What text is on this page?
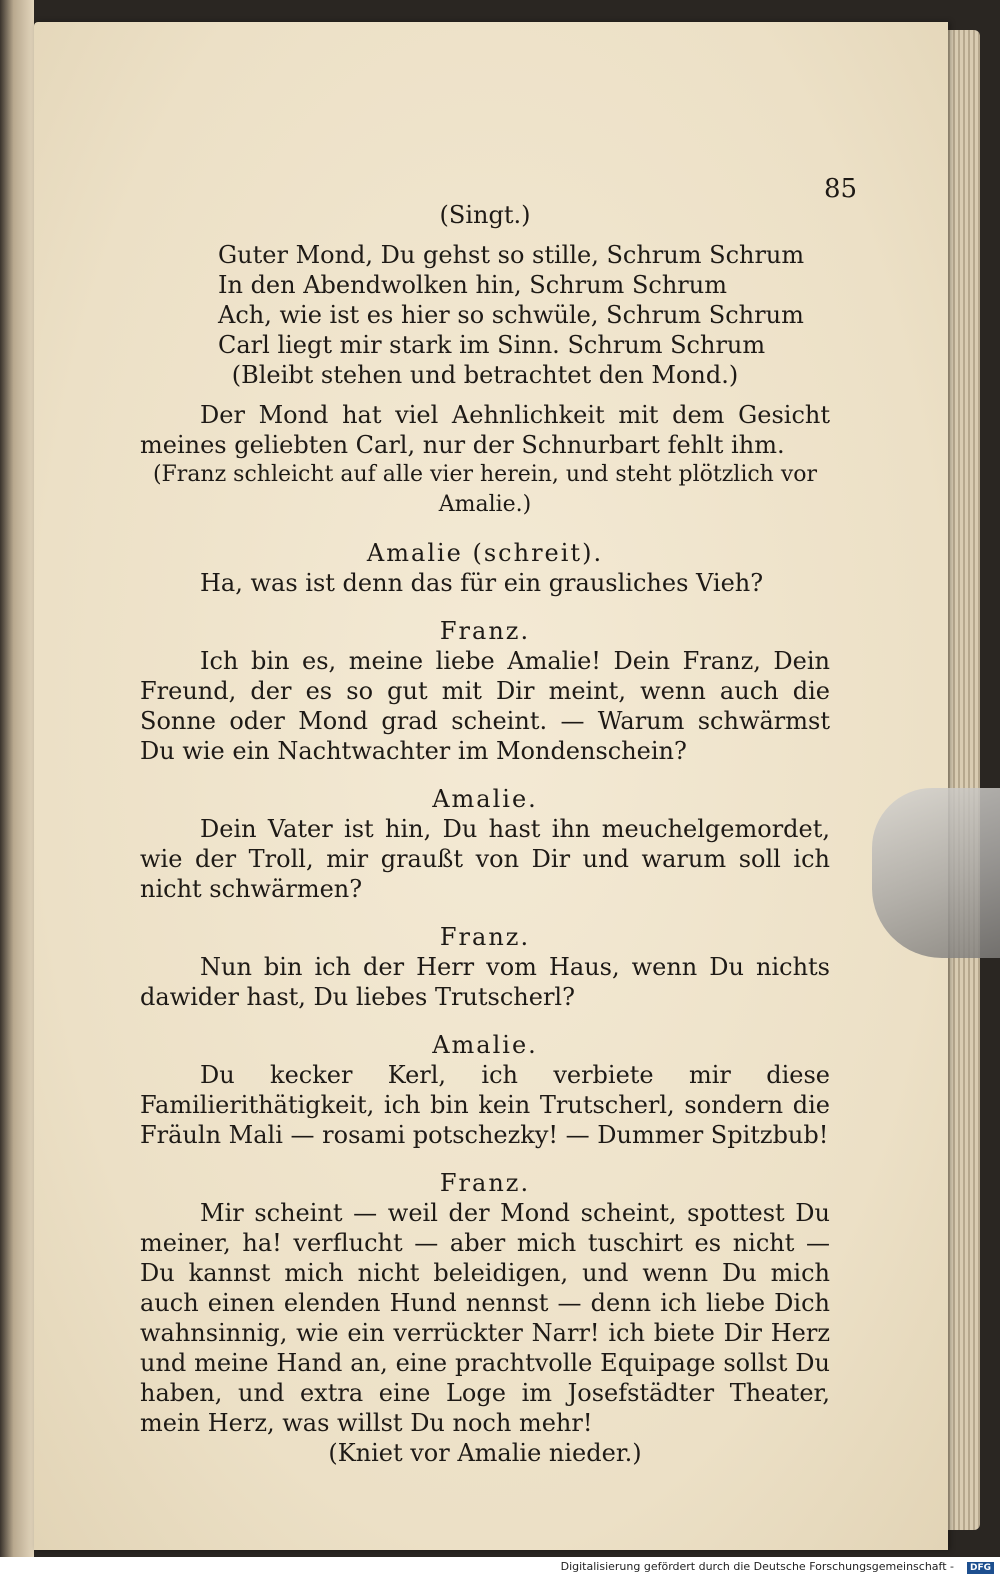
85
(Singt.)
Guter Mond, Du gehst so stille, Schrum Schrum
In den Abendwolken hin, Schrum Schrum
Ach, wie ist es hier so schwüle, Schrum Schrum
Carl liegt mir stark im Sinn. Schrum Schrum
(Bleibt stehen und betrachtet den Mond.)
Der Mond hat viel Aehnlichkeit mit dem Gesicht meines geliebten Carl, nur der Schnurbart fehlt ihm.
(Franz schleicht auf alle vier herein, und steht plötzlich vor Amalie.)
Amalie (schreit).
Ha, was ist denn das für ein grauslich​es Vieh?
Franz.
Ich bin es, meine liebe Amalie! Dein Franz, Dein Freund, der es so gut mit Dir meint, wenn auch die Sonne oder Mond grad scheint. — Warum schwärmst Du wie ein Nachtwachter im Mondenschein?
Amalie.
Dein Vater ist hin, Du hast ihn meuchelgemordet, wie der Troll, mir graußt von Dir und warum soll ich nicht schwärmen?
Franz.
Nun bin ich der Herr vom Haus, wenn Du nichts dawider hast, Du liebes Trutscherl?
Amalie.
Du kecker Kerl, ich verbiete mir diese Familierithätigkeit, ich bin kein Trutscherl, sondern die Fräuln Mali — rosami potschezky! — Dummer Spitzbub!
Franz.
Mir scheint — weil der Mond scheint, spottest Du meiner, ha! verflucht — aber mich tuschirt es nicht — Du kannst mich nicht beleidigen, und wenn Du mich auch einen elenden Hund nennst — denn ich liebe Dich wahnsinnig, wie ein verrückter Narr! ich biete Dir Herz und meine Hand an, eine prachtvolle Equipage sollst Du haben, und extra eine Loge im Josefstädter Theater, mein Herz, was willst Du noch mehr!
(Kniet vor Amalie nieder.)
Digitalisierung gefördert durch die Deutsche Forschungsgemeinschaft -	DFG
